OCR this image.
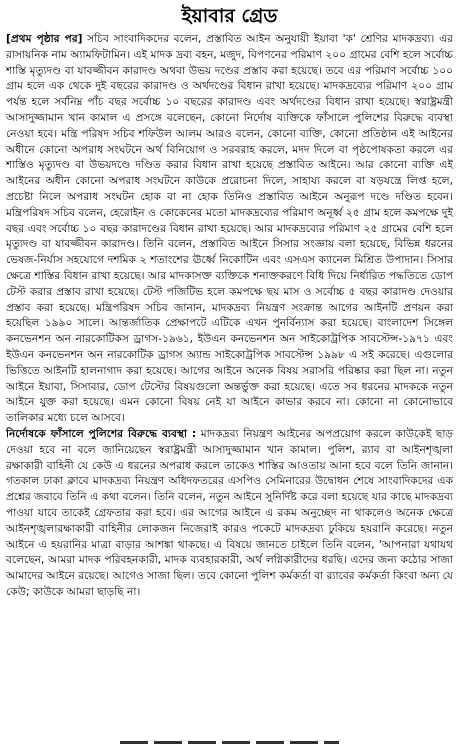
ইয়াবার গ্রেড

[প্রথম পৃষ্ঠার পর] সচিব সাংবাদিকদের বলেন, প্রস্তাবিত আইন অনুযায়ী ইয়াবা 'ক' শ্রেণির মাদকদ্রব্য। এর রাসায়নিক নাম অ্যামফিটামিন। এই মাদক দ্রব্য বহন, মজুদ, বিপণনের পরিমাণ ২০০ গ্রামের বেশি হলে সর্বোচ্চ শাস্তি মৃত্যুদণ্ড বা যাবজ্জীবন কারাদণ্ড অথবা উভয় দণ্ডের প্রস্তাব করা হয়েছে। তবে এর পরিমাণ সর্বোচ্চ ১০০ গ্রাম হলে এক থেকে দুই বছরের কারাদণ্ড ও অর্থদণ্ডের বিধান রাখা হয়েছে। মাদকদ্রব্যের পরিমাণ ২০০ গ্রাম পর্যন্ত হলে সর্বনিম্ন পাঁচ বছর সর্বোচ্চ ১০ বছরের কারাদণ্ড এবং অর্থদণ্ডের বিধান রাখা হয়েছে। স্বরাষ্ট্রমন্ত্রী আসাদুজ্জামান খান কামাল এ প্রসঙ্গে বলেছেন, কোনো নির্দোষ ব্যক্তিকে ফাঁসালে পুলিশের বিরুদ্ধে ব্যবস্থা নেওয়া হবে। মন্ত্রি পরিষদ সচিব শফিউল আলম আরও বলেন, কোনো ব্যক্তি, কোনো প্রতিষ্ঠান এই আইনের অধীনে কোনো অপরাধ সংঘটনে অর্থ বিনিয়োগ ও সরবরাহ করলে, মদদ দিলে বা পৃষ্ঠপোষকতা করলে এর শাস্তিও মৃত্যুদণ্ড বা উভয়দণ্ডে দণ্ডিত করার বিধান রাখা হয়েছে প্রস্তাবিত আইনে। আর কোনো ব্যক্তি এই আইনের অধীন কোনো অপরাধ সংঘটনে কাউকে প্ররোচনা দিলে, সাহায্য করলে বা ষড়যন্ত্রে লিপ্ত হলে, প্রচেষ্টা নিলে অপরাধ সংঘটন হোক বা না হোক তিনিও প্রস্তাবিত আইনে অনুরূপ দণ্ডে দণ্ডিত হবেন। মন্ত্রিপরিষদ সচিব বলেন, হেরোইন ও কোকেনের মতো মাদকদ্রব্যের পরিমাণ অনূর্ধ্ব ২৫ গ্রাম হলে কমপক্ষে দুই বছর এবং সর্বোচ্চ ১০ বছর কারাদণ্ডের বিধান রাখা হয়েছে। আর মাদকদ্রব্যের পরিমাণ ২৫ গ্রামের বেশি হলে মৃত্যুদণ্ড বা যাবজ্জীবন কারাদণ্ড। তিনি বলেন, প্রস্তাবিত আইনে সিসার সংজ্ঞায় বলা হয়েছে, বিভিন্ন ধরনের ভেষজ-নির্যাস সহযোগে দশমিক ২ শতাংশের ঊর্ধ্বে নিকোটিন এবং এসএস ক্যানেল মিশ্রিত উপাদান। সিসার ক্ষেত্রে শাস্তির বিধান রাখা হয়েছে। আর মাদকাসক্ত ব্যক্তিকে শনাক্তকরণে বিধি দিয়ে নির্ধারিত পদ্ধতিতে ডোপ টেস্ট করার প্রস্তাব রাখা হয়েছে। টেস্ট পজিটিভ হলে কমপক্ষে ছয় মাস ও সর্বোচ্চ ৫ বছর কারাদণ্ড দেওয়ার প্রস্তাব করা হয়েছে। মন্ত্রিপরিষদ সচিব জানান, মাদকদ্রব্য নিয়ন্ত্রণ সংক্রান্ত আগের আইনটি প্রণয়ন করা হয়েছিল ১৯৯০ সালে। আন্তর্জাতিক প্রেক্ষাপটে এটিকে এখন পুনর্বিন্যাস করা হয়েছে। বাংলাদেশ সিঙ্গেল কনভেনশন অন নারকোটিকস ড্রাগস-১৯৬১, ইউএন কনভেনশন অন সাইকোট্রপিক সাবস্টেন্স-১৯৭১ এবং ইউএন কনভেনশন অন নারকোটিক ড্রাগস অ্যান্ড সাইকোট্রপিক সাবস্টেন্স ১৯৯৮ এ সই করেছে। এগুলোর ভিত্তিতে আইনটি হালনাগাদ করা হয়েছে। আগের আইনে অনেক বিষয় সরাসরি পরিষ্কার করা ছিল না। নতুন আইনে ইয়াবা, সিসাবার, ডোপ টেস্টের বিষয়গুলো অন্তর্ভুক্ত করা হয়েছে। এতে সব ধরনের মাদককে নতুন আইনে যুক্ত করা হয়েছে। এমন কোনো বিষয় নেই যা আইনে কাভার করবে না। কোনো না কোনোভাবে তালিকার মধ্যে চলে আসবে।

নির্দোষকে ফাঁসালে পুলিশের বিরুদ্ধে ব্যবস্থা : মাদকদ্রব্য নিয়ন্ত্রণ আইনের অপপ্রয়োগ করলে কাউকেই ছাড় দেওয়া হবে না বলে জানিয়েছেন স্বরাষ্ট্রমন্ত্রী আসাদুজ্জামান খান কামাল। পুলিশ, র‌্যাব বা আইনশৃঙ্খলা রক্ষাকারী বাহিনী যে কেউ এ ধরনের অপরাধ করলে তাকেও শাস্তির আওতায় আনা হবে বলে তিনি জানান। গতকাল ঢাকা ক্লাবে মাদকদ্রব্য নিয়ন্ত্রণ অধিদফতরের এসপিও সেমিনারের উদ্বোধন শেষে সাংবাদিকদের এক প্রশ্নের জবাবে তিনি এ কথা বলেন। তিনি বলেন, নতুন আইনে সুনির্দিষ্ট করে বলা হয়েছে যার কাছে মাদকদ্রব্য পাওয়া যাবে তাকেই গ্রেফতার করা হবে। এর আগের আইনে এ রকম অনুচ্ছেদ না থাকলেও অনেক ক্ষেত্রে আইনশৃঙ্খলারক্ষাকারী বাহিনীর লোকজন নিজেরাই কারও পকেটে মাদকদ্রব্য ঢুকিয়ে হয়রানি করেছে। নতুন আইনে এ হয়রানির মাত্রা বাড়ার আশঙ্কা থাকছে। এ বিষয়ে জানতে চাইলে তিনি বলেন, 'আপনারা যথাযথ বলেছেন, আমরা মাদক পরিবহনকারী, মাদক ব্যবহারকারী, অর্থ লগ্নিকারীদের ধরছি। এদের জন্য কঠোর সাজা আমাদের আইনে রয়েছে। আগেও সাজা ছিল। তবে কোনো পুলিশ কর্মকর্তা বা র‌্যাবের কর্মকর্তা কিংবা অন্য যে কেউ; কাউকে আমরা ছাড়ছি না।
